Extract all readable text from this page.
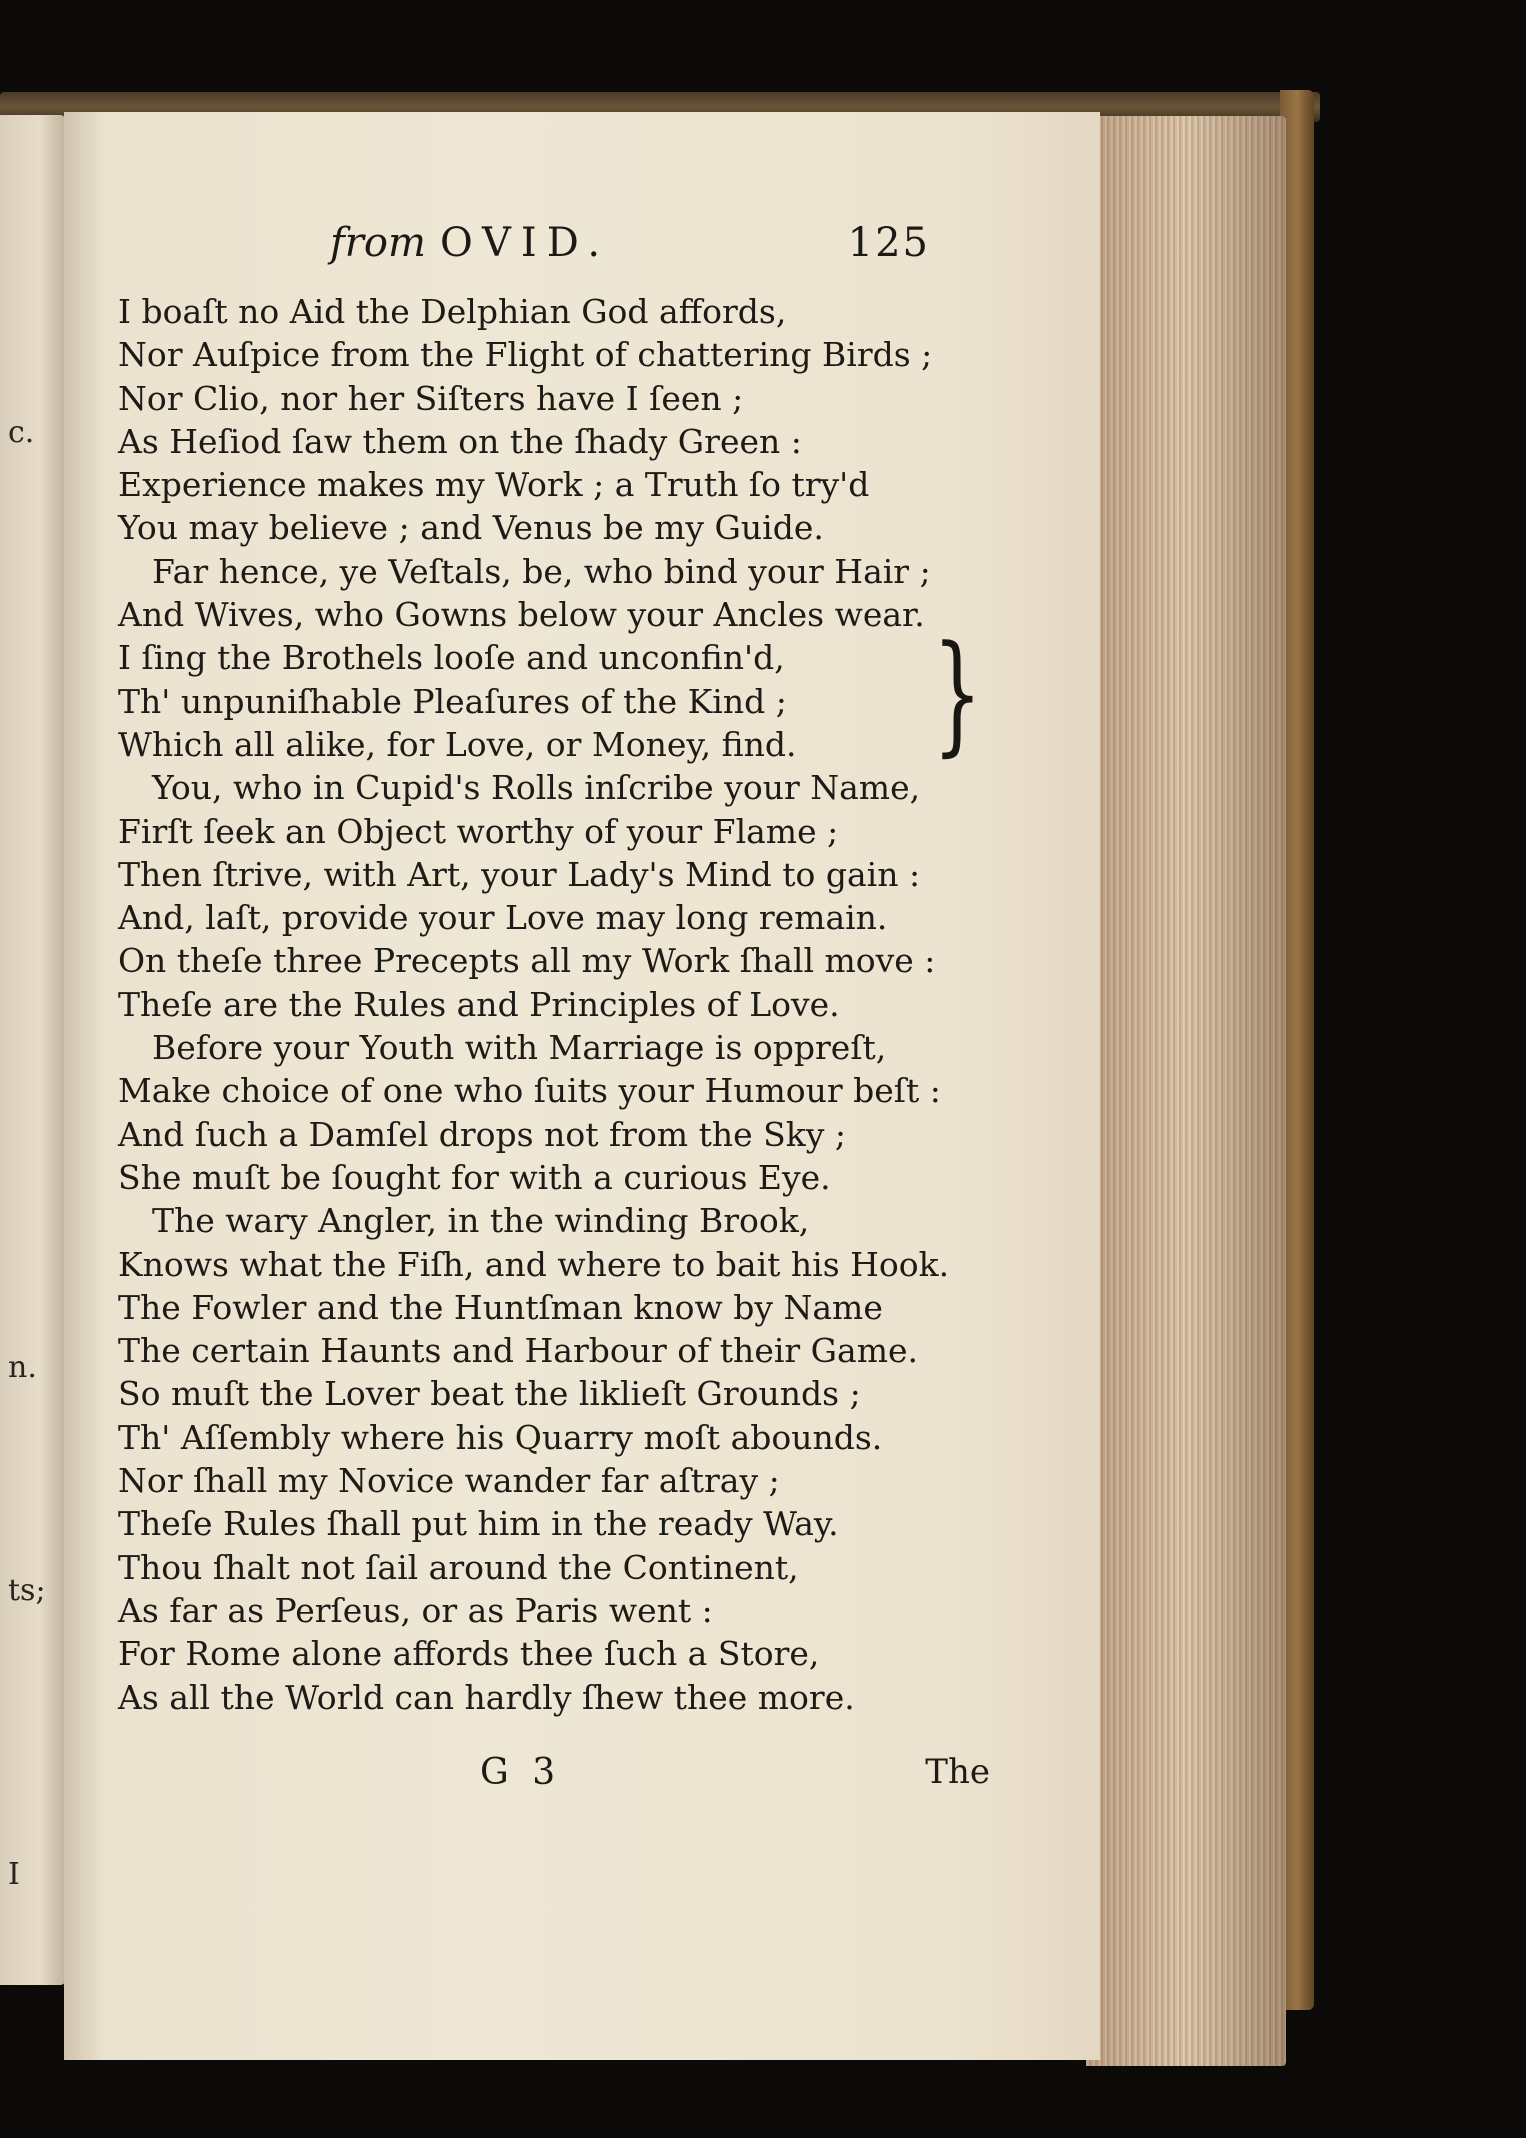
c.
n.
ts;
I
from OVID.	125
I boaſt no Aid the Delphian God affords,
Nor Auſpice from the Flight of chattering Birds ;
Nor Clio, nor her Siſters have I ſeen ;
As Heſiod ſaw them on the ſhady Green :
Experience makes my Work ; a Truth ſo try'd
You may believe ; and Venus be my Guide.
Far hence, ye Veſtals, be, who bind your Hair ;
And Wives, who Gowns below your Ancles wear.
I ſing the Brothels looſe and unconfin'd,
Th' unpuniſhable Pleaſures of the Kind ;
Which all alike, for Love, or Money, find.
You, who in Cupid's Rolls inſcribe your Name,
Firſt ſeek an Object worthy of your Flame ;
Then ſtrive, with Art, your Lady's Mind to gain :
And, laſt, provide your Love may long remain.
On theſe three Precepts all my Work ſhall move :
Theſe are the Rules and Principles of Love.
Before your Youth with Marriage is oppreſt,
Make choice of one who ſuits your Humour beſt :
And ſuch a Damſel drops not from the Sky ;
She muſt be ſought for with a curious Eye.
The wary Angler, in the winding Brook,
Knows what the Fiſh, and where to bait his Hook.
The Fowler and the Huntſman know by Name
The certain Haunts and Harbour of their Game.
So muſt the Lover beat the liklieſt Grounds ;
Th' Aſſembly where his Quarry moſt abounds.
Nor ſhall my Novice wander far aſtray ;
Theſe Rules ſhall put him in the ready Way.
Thou ſhalt not ſail around the Continent,
As far as Perſeus, or as Paris went :
For Rome alone affords thee ſuch a Store,
As all the World can hardly ſhew thee more.
}
G 3	The
